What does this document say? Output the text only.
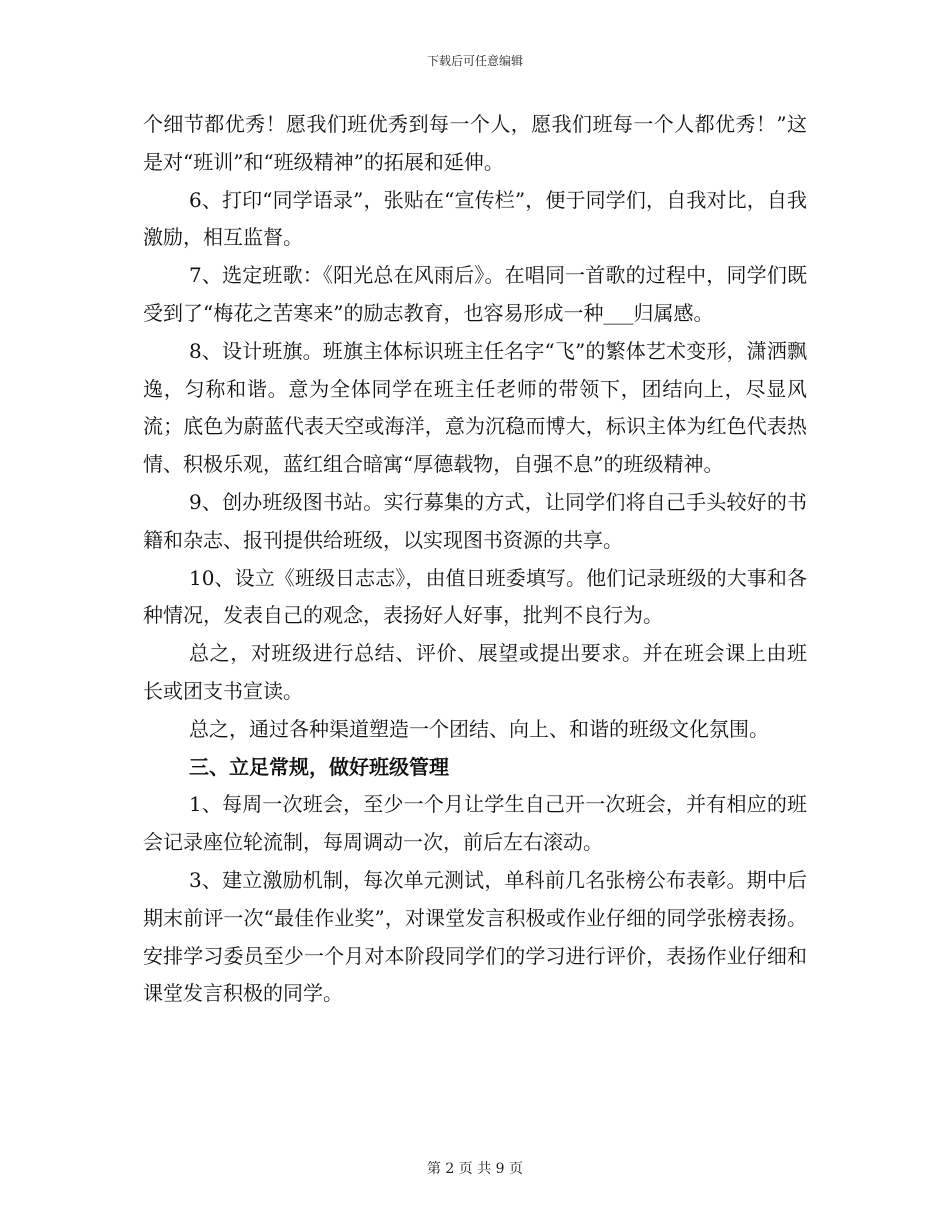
下载后可任意编辑

个细节都优秀！愿我们班优秀到每一个人，愿我们班每一个人都优秀！”这是对“班训”和“班级精神”的拓展和延伸。

6、打印“同学语录”，张贴在“宣传栏”，便于同学们，自我对比，自我激励，相互监督。

7、选定班歌：《阳光总在风雨后》。在唱同一首歌的过程中，同学们既受到了“梅花之苦寒来”的励志教育，也容易形成一种___归属感。

8、设计班旗。班旗主体标识班主任名字“飞”的繁体艺术变形，潇洒飘逸，匀称和谐。意为全体同学在班主任老师的带领下，团结向上，尽显风流；底色为蔚蓝代表天空或海洋，意为沉稳而博大，标识主体为红色代表热情、积极乐观，蓝红组合暗寓“厚德载物，自强不息”的班级精神。

9、创办班级图书站。实行募集的方式，让同学们将自己手头较好的书籍和杂志、报刊提供给班级，以实现图书资源的共享。

10、设立《班级日志志》，由值日班委填写。他们记录班级的大事和各种情况，发表自己的观念，表扬好人好事，批判不良行为。

总之，对班级进行总结、评价、展望或提出要求。并在班会课上由班长或团支书宣读。

总之，通过各种渠道塑造一个团结、向上、和谐的班级文化氛围。

三、立足常规，做好班级管理

1、每周一次班会，至少一个月让学生自己开一次班会，并有相应的班会记录座位轮流制，每周调动一次，前后左右滚动。

3、建立激励机制，每次单元测试，单科前几名张榜公布表彰。期中后期末前评一次“最佳作业奖”，对课堂发言积极或作业仔细的同学张榜表扬。安排学习委员至少一个月对本阶段同学们的学习进行评价，表扬作业仔细和课堂发言积极的同学。

第 2 页 共 9 页
